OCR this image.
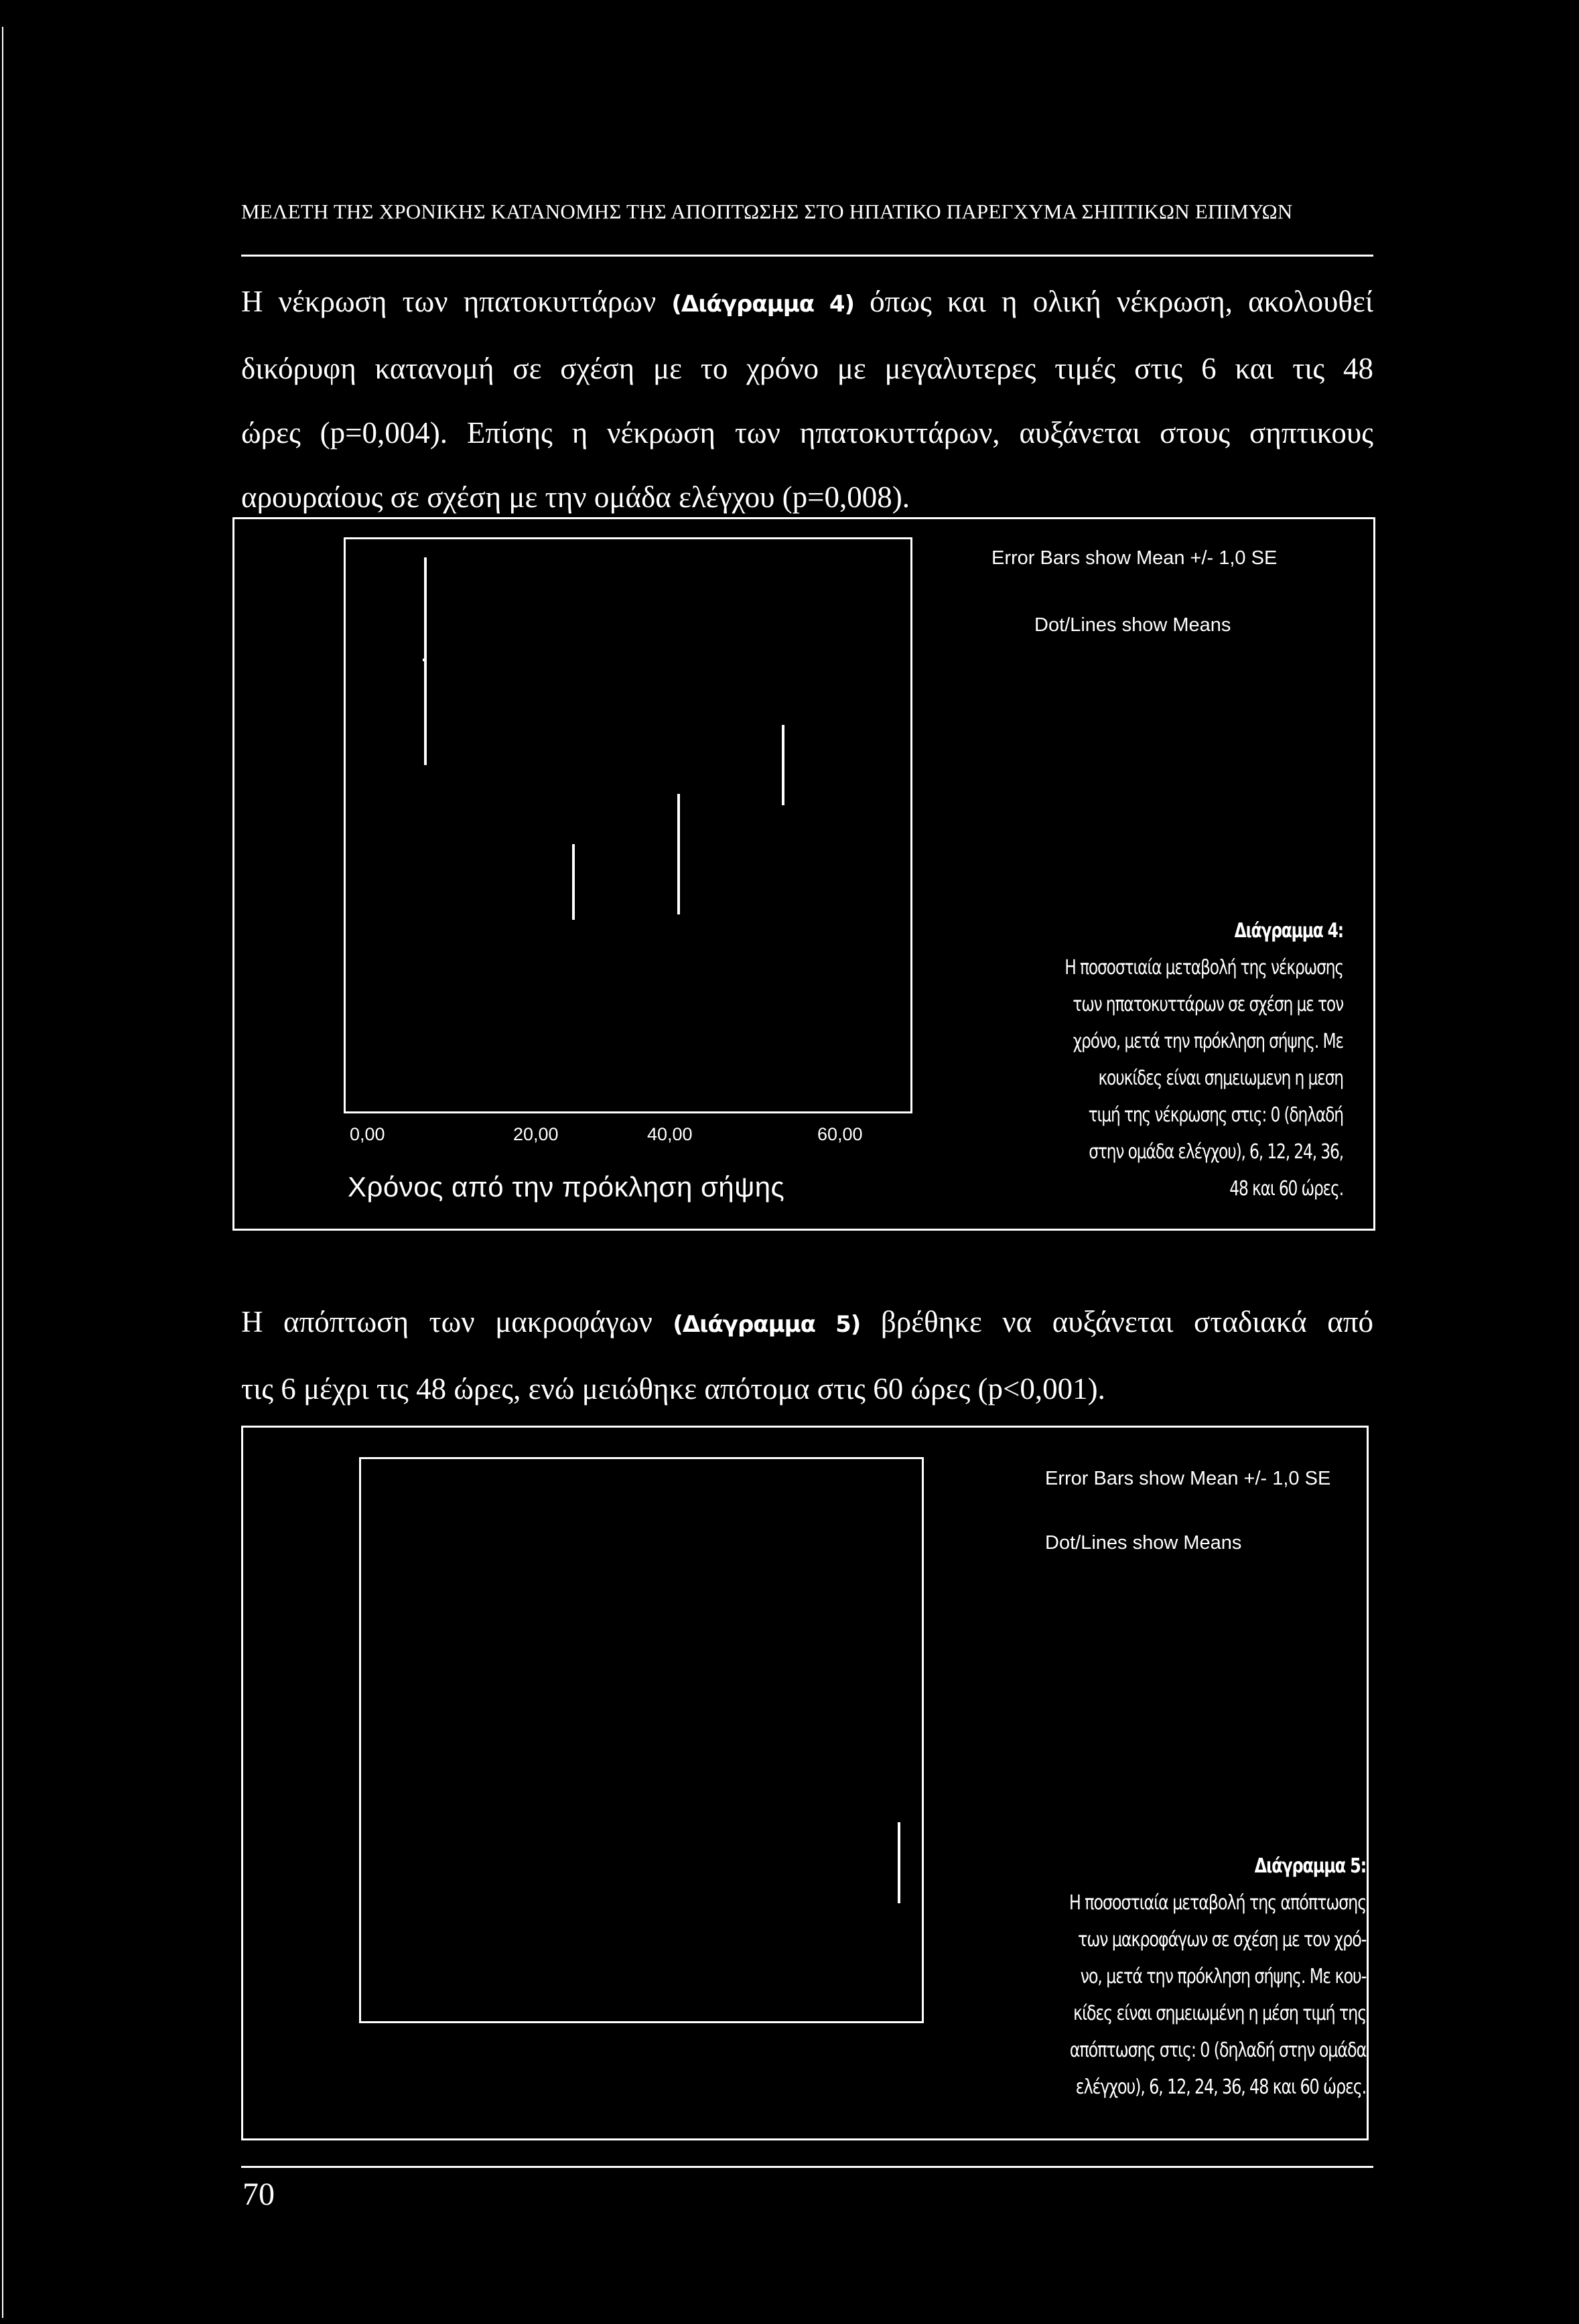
ΜΕΛΕΤΗ ΤΗΣ ΧΡΟΝΙΚΗΣ ΚΑΤΑΝΟΜΗΣ ΤΗΣ ΑΠΟΠΤΩΣΗΣ ΣΤΟ ΗΠΑΤΙΚΟ ΠΑΡΕΓΧΥΜΑ ΣΗΠΤΙΚΩΝ ΕΠΙΜΥΩΝ
Η νέκρωση των ηπατοκυττάρων (Διάγραμμα 4) όπως και η ολική νέκρωση, ακολουθεί
δικόρυφη κατανομή σε σχέση με το χρόνο με μεγαλυτερες τιμές στις 6 και τις 48
ώρες (p=0,004). Επίσης η νέκρωση των ηπατοκυττάρων, αυξάνεται στους σηπτικους
αρουραίους σε σχέση με την ομάδα ελέγχου (p=0,008).
Error Bars show Mean +/- 1,0 SE
Dot/Lines show Means
0,00	20,00	40,00	60,00
Χρόνος από την πρόκληση σήψης
Διάγραμμα 4:
Η ποσοστιαία μεταβολή της νέκρωσης
των ηπατοκυττάρων σε σχέση με τον
χρόνο, μετά την πρόκληση σήψης. Με
κουκίδες είναι σημειωμενη η μεση
τιμή της νέκρωσης στις: 0 (δηλαδή
στην ομάδα ελέγχου), 6, 12, 24, 36,
48 και 60 ώρες.
Η απόπτωση των μακροφάγων (Διάγραμμα 5) βρέθηκε να αυξάνεται σταδιακά από
τις 6 μέχρι τις 48 ώρες, ενώ μειώθηκε απότομα στις 60 ώρες (p<0,001).
Error Bars show Mean +/- 1,0 SE
Dot/Lines show Means
Διάγραμμα 5:
Η ποσοστιαία μεταβολή της απόπτωσης
των μακροφάγων σε σχέση με τον χρό-
νο, μετά την πρόκληση σήψης. Με κου-
κίδες είναι σημειωμένη η μέση τιμή της
απόπτωσης στις: 0 (δηλαδή στην ομάδα
ελέγχου), 6, 12, 24, 36, 48 και 60 ώρες.
70
